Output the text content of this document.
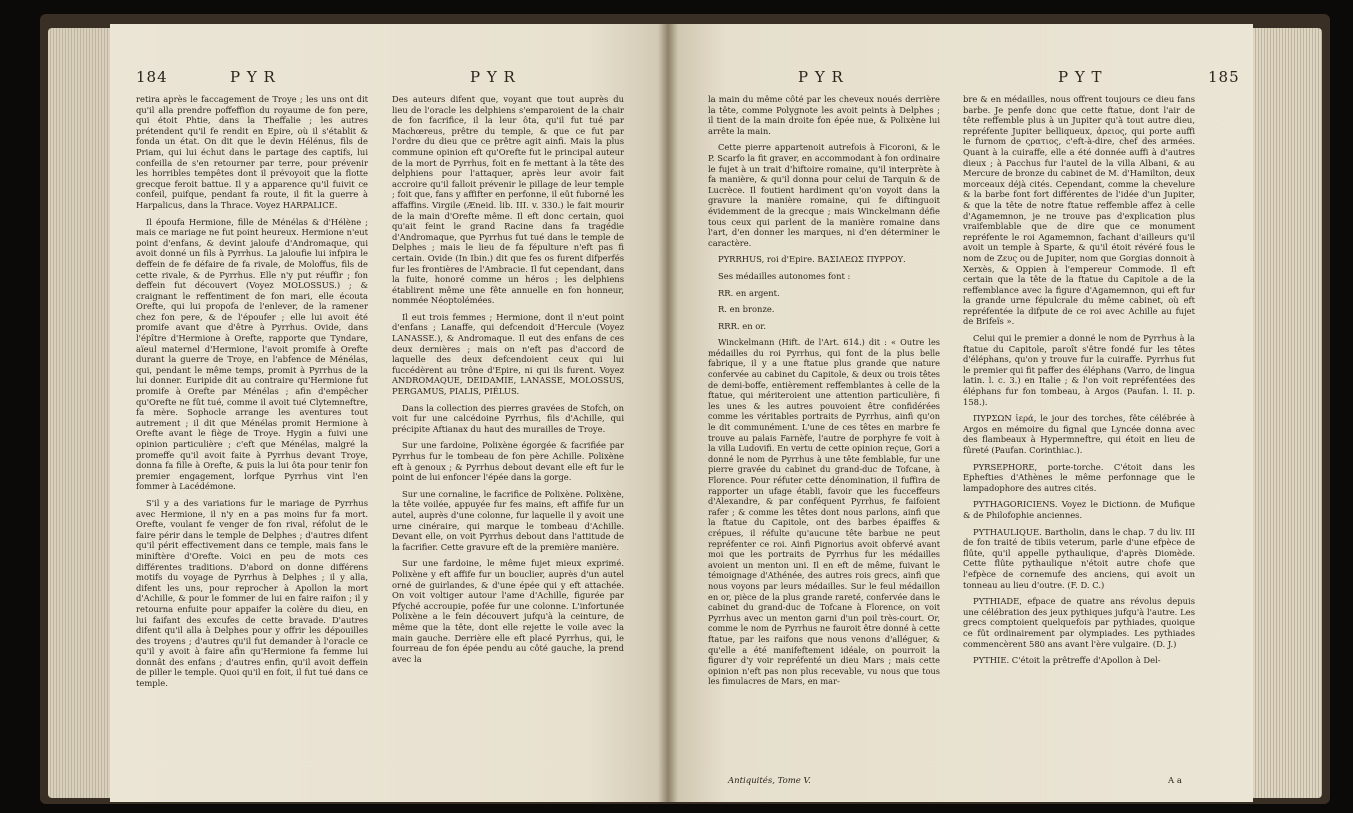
184	P Y R	P Y R

retira après le faccagement de Troye ; les uns ont dit qu'il alla prendre poffeffion du royaume de fon pere, qui étoit Phtie, dans la Theffalie ; les autres prétendent qu'il fe rendit en Epire, où il s'établit & fonda un état. On dit que le devin Hélénus, fils de Priam, qui lui échut dans le partage des captifs, lui confeilla de s'en retourner par terre, pour prévenir les horribles tempêtes dont il prévoyoit que la flotte grecque feroit battue. Il y a apparence qu'il fuivit ce confeil, puifque, pendant fa route, il fit la guerre à Harpalicus, dans la Thrace. Voyez HARPALICE.

Il époufa Hermione, fille de Ménélas & d'Hélène ; mais ce mariage ne fut point heureux. Hermione n'eut point d'enfans, & devint jaloufe d'Andromaque, qui avoit donné un fils à Pyrrhus. La jaloufie lui infpira le deffein de fe défaire de fa rivale, de Moloffus, fils de cette rivale, & de Pyrrhus. Elle n'y put réuffir ; fon deffein fut découvert (Voyez MOLOSSUS.) ; & craignant le reffentiment de fon mari, elle écouta Orefte, qui lui propofa de l'enlever, de la ramener chez fon pere, & de l'époufer ; elle lui avoit été promife avant que d'être à Pyrrhus. Ovide, dans l'épître d'Hermione à Orefte, rapporte que Tyndare, aïeul maternel d'Hermione, l'avoit promife à Orefte durant la guerre de Troye, en l'abfence de Ménélas, qui, pendant le même temps, promit à Pyrrhus de la lui donner. Euripide dit au contraire qu'Hermione fut promife à Orefte par Ménélas ; afin d'empêcher qu'Orefte ne fût tué, comme il avoit tué Clytemneftre, fa mère. Sophocle arrange les aventures tout autrement ; il dit que Ménélas promit Hermione à Orefte avant le fiège de Troye. Hygin a fuivi une opinion particulière ; c'eft que Ménélas, malgré la promeffe qu'il avoit faite à Pyrrhus devant Troye, donna fa fille à Orefte, & puis la lui ôta pour tenir fon premier engagement, lorfque Pyrrhus vint l'en fommer à Lacédémone.

S'il y a des variations fur le mariage de Pyrrhus avec Hermione, il n'y en a pas moins fur fa mort. Orefte, voulant fe venger de fon rival, réfolut de le faire périr dans le temple de Delphes ; d'autres difent qu'il périt effectivement dans ce temple, mais fans le miniftère d'Orefte. Voici en peu de mots ces différentes traditions. D'abord on donne différens motifs du voyage de Pyrrhus à Delphes ; il y alla, difent les uns, pour reprocher à Apollon la mort d'Achille, & pour le fommer de lui en faire raifon ; il y retourna enfuite pour appaifer la colère du dieu, en lui faifant des excufes de cette bravade. D'autres difent qu'il alla à Delphes pour y offrir les dépouilles des troyens ; d'autres qu'il fut demander à l'oracle ce qu'il y avoit à faire afin qu'Hermione fa femme lui donnât des enfans ; d'autres enfin, qu'il avoit deffein de piller le temple. Quoi qu'il en foit, il fut tué dans ce temple.

Des auteurs difent que, voyant que tout auprès du lieu de l'oracle les delphiens s'emparoient de la chair de fon facrifice, il la leur ôta, qu'il fut tué par Machœreus, prêtre du temple, & que ce fut par l'ordre du dieu que ce prêtre agit ainfi. Mais la plus commune opinion eft qu'Orefte fut le principal auteur de la mort de Pyrrhus, foit en fe mettant à la tête des delphiens pour l'attaquer, après leur avoir fait accroire qu'il falloit prévenir le pillage de leur temple ; foit que, fans y affifter en perfonne, il eût fuborné les affaffins. Virgile (Æneid. lib. III. v. 330.) le fait mourir de la main d'Orefte même. Il eft donc certain, quoi qu'ait feint le grand Racine dans fa tragédie d'Andromaque, que Pyrrhus fut tué dans le temple de Delphes ; mais le lieu de fa fépulture n'eft pas fi certain. Ovide (In Ibin.) dit que fes os furent difperfés fur les frontières de l'Ambracie. Il fut cependant, dans la fuite, honoré comme un héros ; les delphiens établirent même une fête annuelle en fon honneur, nommée Néoptolémées.

Il eut trois femmes ; Hermione, dont il n'eut point d'enfans ; Lanaffe, qui defcendoit d'Hercule (Voyez LANASSE.), & Andromaque. Il eut des enfans de ces deux dernières ; mais on n'eft pas d'accord de laquelle des deux defcendoient ceux qui lui fuccédèrent au trône d'Epire, ni qui ils furent. Voyez ANDROMAQUE, DEIDAMIE, LANASSE, MOLOSSUS, PERGAMUS, PIALIS, PIÉLUS.

Dans la collection des pierres gravées de Stofch, on voit fur une calcédoine Pyrrhus, fils d'Achille, qui précipite Aftianax du haut des murailles de Troye.

Sur une fardoine, Polixène égorgée & facrifiée par Pyrrhus fur le tombeau de fon père Achille. Polixène eft à genoux ; & Pyrrhus debout devant elle eft fur le point de lui enfoncer l'épée dans la gorge.

Sur une cornaline, le facrifice de Polixène. Polixène, la tête voilée, appuyée fur fes mains, eft affife fur un autel, auprès d'une colonne, fur laquelle il y avoit une urne cinéraire, qui marque le tombeau d'Achille. Devant elle, on voit Pyrrhus debout dans l'attitude de la facrifier. Cette gravure eft de la première manière.

Sur une fardoine, le même fujet mieux exprimé. Polixène y eft affife fur un bouclier, auprès d'un autel orné de guirlandes, & d'une épée qui y eft attachée. On voit voltiger autour l'ame d'Achille, figurée par Pfyché accroupie, pofée fur une colonne. L'infortunée Polixène a le fein découvert jufqu'à la ceinture, de même que la tête, dont elle rejette le voile avec la main gauche. Derrière elle eft placé Pyrrhus, qui, le fourreau de fon épée pendu au côté gauche, la prend avec la

P Y R	P Y T	185

la main du même côté par les cheveux noués derrière la tête, comme Polygnote les avoit peints à Delphes ; il tient de la main droite fon épée nue, & Polixène lui arrête la main.

Cette pierre appartenoit autrefois à Ficoroni, & le P. Scarfo la fit graver, en accommodant à fon ordinaire le fujet à un trait d'hiftoire romaine, qu'il interprète à fa manière, & qu'il donna pour celui de Tarquin & de Lucrèce. Il foutient hardiment qu'on voyoit dans la gravure la manière romaine, qui fe diftinguoit évidemment de la grecque ; mais Winckelmann défie tous ceux qui parlent de la manière romaine dans l'art, d'en donner les marques, ni d'en déterminer le caractère.

PYRRHUS, roi d'Epire. ΒΑΣΙΛΕΩΣ ΠΥΡΡΟΥ.

Ses médailles autonomes font :

RR. en argent.

R. en bronze.

RRR. en or.

Winckelmann (Hift. de l'Art. 614.) dit : « Outre les médailles du roi Pyrrhus, qui font de la plus belle fabrique, il y a une ftatue plus grande que nature confervée au cabinet du Capitole, & deux ou trois têtes de demi-boffe, entièrement reffemblantes à celle de la ftatue, qui mériteroient une attention particulière, fi les unes & les autres pouvoient être confidérées comme les véritables portraits de Pyrrhus, ainfi qu'on le dit communément. L'une de ces têtes en marbre fe trouve au palais Farnèfe, l'autre de porphyre fe voit à la villa Ludovifi. En vertu de cette opinion reçue, Gori a donné le nom de Pyrrhus à une tête femblable, fur une pierre gravée du cabinet du grand-duc de Tofcane, à Florence. Pour réfuter cette dénomination, il fuffira de rapporter un ufage établi, favoir que les fucceffeurs d'Alexandre, & par conféquent Pyrrhus, fe faifoient rafer ; & comme les têtes dont nous parlons, ainfi que la ftatue du Capitole, ont des barbes épaiffes & crépues, il réfulte qu'aucune tête barbue ne peut repréfenter ce roi. Ainfi Pignorius avoit obfervé avant moi que les portraits de Pyrrhus fur les médailles avoient un menton uni. Il en eft de même, fuivant le témoignage d'Athénée, des autres rois grecs, ainfi que nous voyons par leurs médailles. Sur le feul médaillon en or, pièce de la plus grande rareté, confervée dans le cabinet du grand-duc de Tofcane à Florence, on voit Pyrrhus avec un menton garni d'un poil très-court. Or, comme le nom de Pyrrhus ne fauroit être donné à cette ftatue, par les raifons que nous venons d'alléguer, & qu'elle a été manifeftement idéale, on pourroit la figurer d'y voir repréfenté un dieu Mars ; mais cette opinion n'eft pas non plus recevable, vu nous que tous les fimulacres de Mars, en mar-

Antiquités, Tome V.

bre & en médailles, nous offrent toujours ce dieu fans barbe. Je penfe donc que cette ftatue, dont l'air de tête reffemble plus à un Jupiter qu'à tout autre dieu, repréfente Jupiter belliqueux, ἀρειος, qui porte auffi le furnom de ςρατιος, c'eft-à-dire, chef des armées. Quant à la cuiraffe, elle a été donnée auffi à d'autres dieux ; à Pacchus fur l'autel de la villa Albani, & au Mercure de bronze du cabinet de M. d'Hamilton, deux morceaux déjà cités. Cependant, comme la chevelure & la barbe font fort différentes de l'idée d'un Jupiter, & que la tête de notre ftatue reffemble affez à celle d'Agamemnon, je ne trouve pas d'explication plus vraifemblable que de dire que ce monument repréfente le roi Agamemnon, fachant d'ailleurs qu'il avoit un temple à Sparte, & qu'il étoit révéré fous le nom de Ζευς ou de Jupiter, nom que Gorgias donnoit à Xerxès, & Oppien à l'empereur Commode. Il eft certain que la tête de la ftatue du Capitole a de la reffemblance avec la figure d'Agamemnon, qui eft fur la grande urne fépulcrale du même cabinet, où eft repréfentée la difpute de ce roi avec Achille au fujet de Brifeïs ».

Celui qui le premier a donné le nom de Pyrrhus à la ftatue du Capitole, paroît s'être fondé fur les têtes d'éléphans, qu'on y trouve fur la cuiraffe. Pyrrhus fut le premier qui fit paffer des éléphans (Varro, de lingua latin. l. c. 3.) en Italie ; & l'on voit repréfentées des éléphans fur fon tombeau, à Argos (Paufan. l. II. p. 158.).

ΠΥΡΣΩΝ ἱερά, le jour des torches, fête célébrée à Argos en mémoire du fignal que Lyncée donna avec des flambeaux à Hypermneftre, qui étoit en lieu de fûreté (Paufan. Corinthiac.).

PYRSEPHORE, porte-torche. C'étoit dans les Ephefties d'Athènes le même perfonnage que le lampadophore des autres cités.

PYTHAGORICIENS. Voyez le Dictionn. de Mufique & de Philofophie anciennes.

PYTHAULIQUE. Bartholin, dans le chap. 7 du liv. III de fon traité de tibiis veterum, parle d'une efpèce de flûte, qu'il appelle pythaulique, d'après Diomède. Cette flûte pythaulique n'étoit autre chofe que l'efpèce de cornemufe des anciens, qui avoit un tonneau au lieu d'outre. (F. D. C.)

PYTHIADE, efpace de quatre ans révolus depuis une célébration des jeux pythiques jufqu'à l'autre. Les grecs comptoient quelquefois par pythiades, quoique ce fût ordinairement par olympiades. Les pythiades commencèrent 580 ans avant l'ère vulgaire. (D. J.)

PYTHIE. C'étoit la prêtreffe d'Apollon à Del-

A a
